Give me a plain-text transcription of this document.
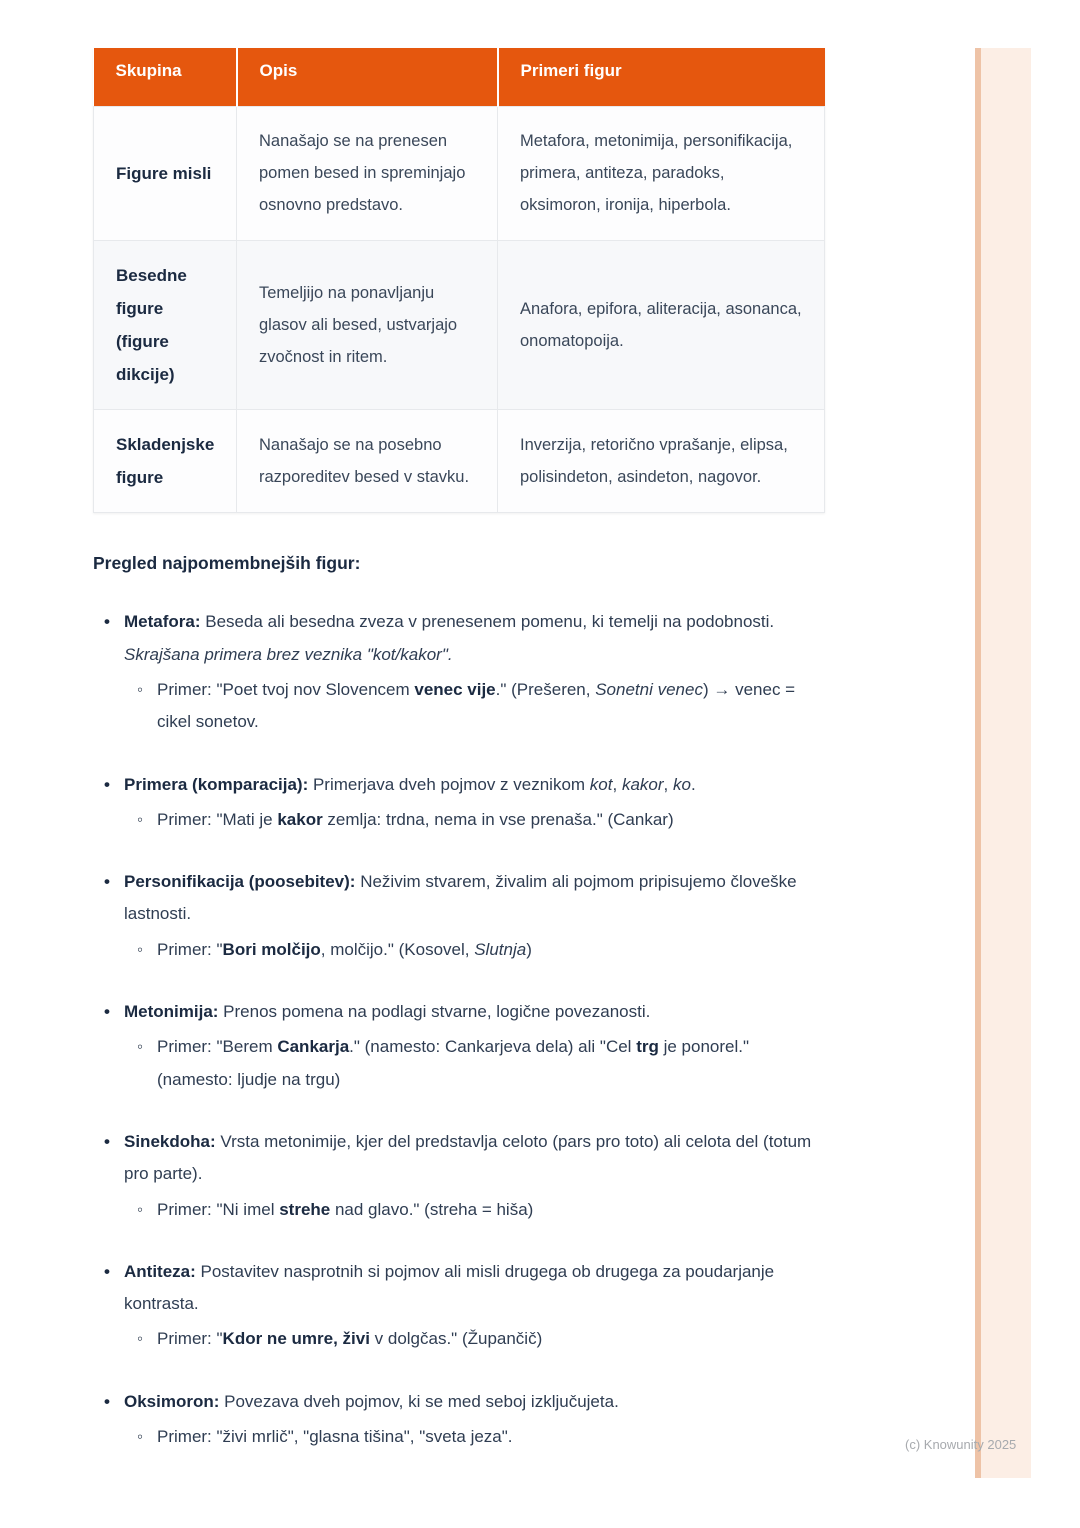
Skupina	Opis	Primeri figur
Figure misli	Nanašajo se na prenesen pomen besed in spreminjajo osnovno predstavo.	Metafora, metonimija, personifikacija, primera, antiteza, paradoks, oksimoron, ironija, hiperbola.
Besedne figure (figure dikcije)	Temeljijo na ponavljanju glasov ali besed, ustvarjajo zvočnost in ritem.	Anafora, epifora, aliteracija, asonanca, onomatopoija.
Skladenjske figure	Nanašajo se na posebno razporeditev besed v stavku.	Inverzija, retorično vprašanje, elipsa, polisindeton, asindeton, nagovor.

Pregled najpomembnejših figur:

• Metafora: Beseda ali besedna zveza v prenesenem pomenu, ki temelji na podobnosti. Skrajšana primera brez veznika "kot/kakor".
◦ Primer: "Poet tvoj nov Slovencem venec vije." (Prešeren, Sonetni venec) → venec = cikel sonetov.
• Primera (komparacija): Primerjava dveh pojmov z veznikom kot, kakor, ko.
◦ Primer: "Mati je kakor zemlja: trdna, nema in vse prenaša." (Cankar)
• Personifikacija (poosebitev): Neživim stvarem, živalim ali pojmom pripisujemo človeške lastnosti.
◦ Primer: "Bori molčijo, molčijo." (Kosovel, Slutnja)
• Metonimija: Prenos pomena na podlagi stvarne, logične povezanosti.
◦ Primer: "Berem Cankarja." (namesto: Cankarjeva dela) ali "Cel trg je ponorel." (namesto: ljudje na trgu)
• Sinekdoha: Vrsta metonimije, kjer del predstavlja celoto (pars pro toto) ali celota del (totum pro parte).
◦ Primer: "Ni imel strehe nad glavo." (streha = hiša)
• Antiteza: Postavitev nasprotnih si pojmov ali misli drugega ob drugega za poudarjanje kontrasta.
◦ Primer: "Kdor ne umre, živi v dolgčas." (Župančič)
• Oksimoron: Povezava dveh pojmov, ki se med seboj izključujeta.
◦ Primer: "živi mrlič", "glasna tišina", "sveta jeza".	(c) Knowunity 2025
